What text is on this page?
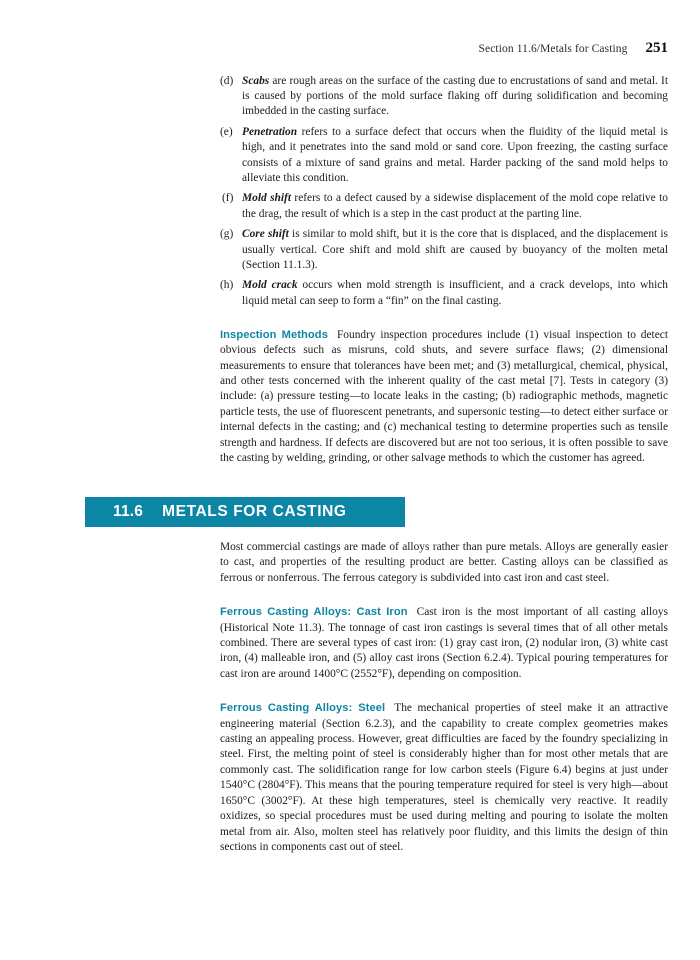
Section 11.6/Metals for Casting 251
(d) Scabs are rough areas on the surface of the casting due to encrustations of sand and metal. It is caused by portions of the mold surface flaking off during solidification and becoming imbedded in the casting surface.
(e) Penetration refers to a surface defect that occurs when the fluidity of the liquid metal is high, and it penetrates into the sand mold or sand core. Upon freezing, the casting surface consists of a mixture of sand grains and metal. Harder packing of the sand mold helps to alleviate this condition.
(f) Mold shift refers to a defect caused by a sidewise displacement of the mold cope relative to the drag, the result of which is a step in the cast product at the parting line.
(g) Core shift is similar to mold shift, but it is the core that is displaced, and the displacement is usually vertical. Core shift and mold shift are caused by buoyancy of the molten metal (Section 11.1.3).
(h) Mold crack occurs when mold strength is insufficient, and a crack develops, into which liquid metal can seep to form a “fin” on the final casting.

Inspection Methods Foundry inspection procedures include (1) visual inspection to detect obvious defects such as misruns, cold shuts, and severe surface flaws; (2) dimensional measurements to ensure that tolerances have been met; and (3) metallurgical, chemical, physical, and other tests concerned with the inherent quality of the cast metal [7]. Tests in category (3) include: (a) pressure testing—to locate leaks in the casting; (b) radiographic methods, magnetic particle tests, the use of fluorescent penetrants, and supersonic testing—to detect either surface or internal defects in the casting; and (c) mechanical testing to determine properties such as tensile strength and hardness. If defects are discovered but are not too serious, it is often possible to save the casting by welding, grinding, or other salvage methods to which the customer has agreed.

11.6 METALS FOR CASTING

Most commercial castings are made of alloys rather than pure metals. Alloys are generally easier to cast, and properties of the resulting product are better. Casting alloys can be classified as ferrous or nonferrous. The ferrous category is subdivided into cast iron and cast steel.

Ferrous Casting Alloys: Cast Iron Cast iron is the most important of all casting alloys (Historical Note 11.3). The tonnage of cast iron castings is several times that of all other metals combined. There are several types of cast iron: (1) gray cast iron, (2) nodular iron, (3) white cast iron, (4) malleable iron, and (5) alloy cast irons (Section 6.2.4). Typical pouring temperatures for cast iron are around 1400°C (2552°F), depending on composition.

Ferrous Casting Alloys: Steel The mechanical properties of steel make it an attractive engineering material (Section 6.2.3), and the capability to create complex geometries makes casting an appealing process. However, great difficulties are faced by the foundry specializing in steel. First, the melting point of steel is considerably higher than for most other metals that are commonly cast. The solidification range for low carbon steels (Figure 6.4) begins at just under 1540°C (2804°F). This means that the pouring temperature required for steel is very high—about 1650°C (3002°F). At these high temperatures, steel is chemically very reactive. It readily oxidizes, so special procedures must be used during melting and pouring to isolate the molten metal from air. Also, molten steel has relatively poor fluidity, and this limits the design of thin sections in components cast out of steel.
